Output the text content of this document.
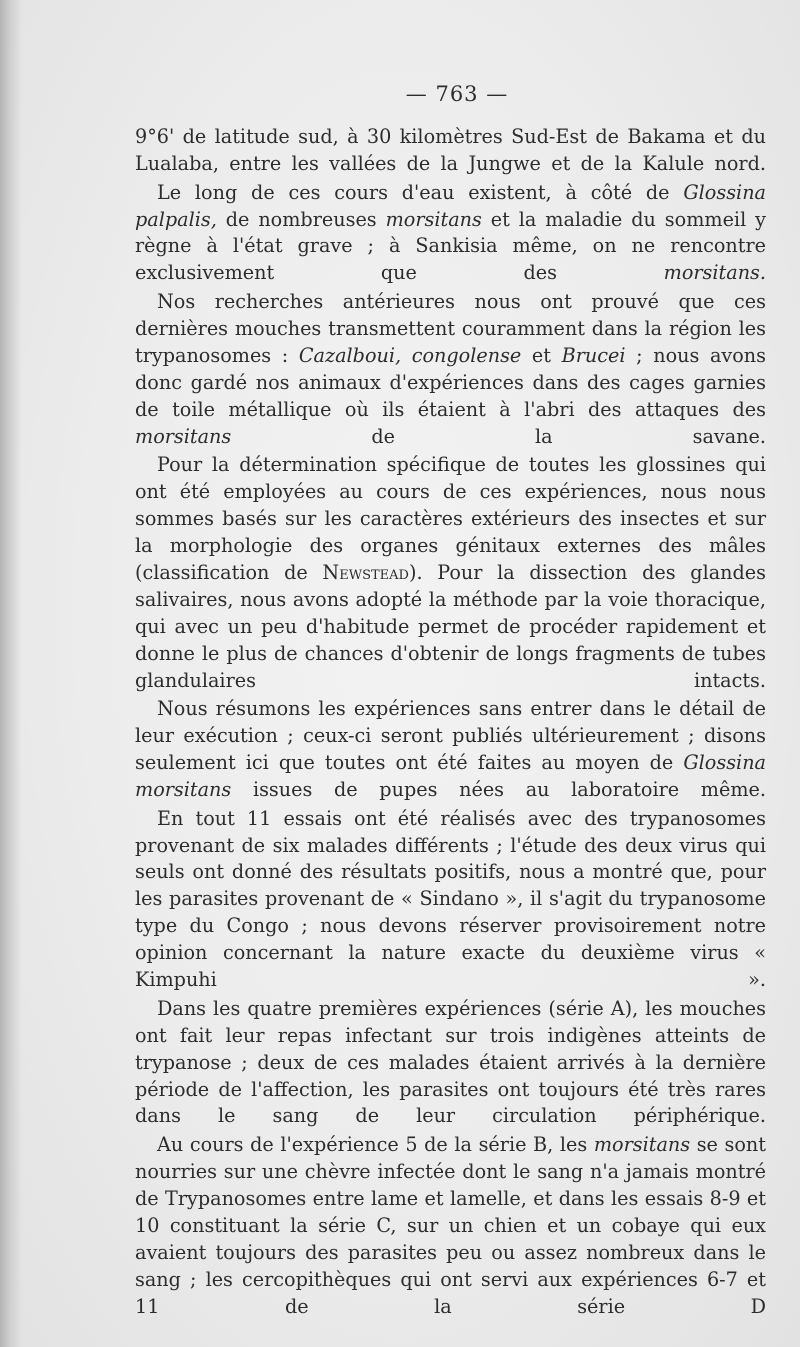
— 763 —

9°6' de latitude sud, à 30 kilomètres Sud-Est de Bakama et du Lualaba, entre les vallées de la Jungwe et de la Kalule nord.

Le long de ces cours d'eau existent, à côté de Glossina palpalis, de nombreuses morsitans et la maladie du sommeil y règne à l'état grave ; à Sankisia même, on ne rencontre exclusivement que des morsitans.

Nos recherches antérieures nous ont prouvé que ces dernières mouches transmettent couramment dans la région les trypanosomes : Cazalboui, congolense et Brucei ; nous avons donc gardé nos animaux d'expériences dans des cages garnies de toile métallique où ils étaient à l'abri des attaques des morsitans de la savane.

Pour la détermination spécifique de toutes les glossines qui ont été employées au cours de ces expériences, nous nous sommes basés sur les caractères extérieurs des insectes et sur la morphologie des organes génitaux externes des mâles (classification de Newstead). Pour la dissection des glandes salivaires, nous avons adopté la méthode par la voie thoracique, qui avec un peu d'habitude permet de procéder rapidement et donne le plus de chances d'obtenir de longs fragments de tubes glandulaires intacts.

Nous résumons les expériences sans entrer dans le détail de leur exécution ; ceux-ci seront publiés ultérieurement ; disons seulement ici que toutes ont été faites au moyen de Glossina morsitans issues de pupes nées au laboratoire même.

En tout 11 essais ont été réalisés avec des trypanosomes provenant de six malades différents ; l'étude des deux virus qui seuls ont donné des résultats positifs, nous a montré que, pour les parasites provenant de « Sindano », il s'agit du trypanosome type du Congo ; nous devons réserver provisoirement notre opinion concernant la nature exacte du deuxième virus « Kimpuhi ».

Dans les quatre premières expériences (série A), les mouches ont fait leur repas infectant sur trois indigènes atteints de trypanose ; deux de ces malades étaient arrivés à la dernière période de l'affection, les parasites ont toujours été très rares dans le sang de leur circulation périphérique.

Au cours de l'expérience 5 de la série B, les morsitans se sont nourries sur une chèvre infectée dont le sang n'a jamais montré de Trypanosomes entre lame et lamelle, et dans les essais 8-9 et 10 constituant la série C, sur un chien et un cobaye qui eux avaient toujours des parasites peu ou assez nombreux dans le sang ; les cercopithèques qui ont servi aux expériences 6-7 et 11 de la série D
